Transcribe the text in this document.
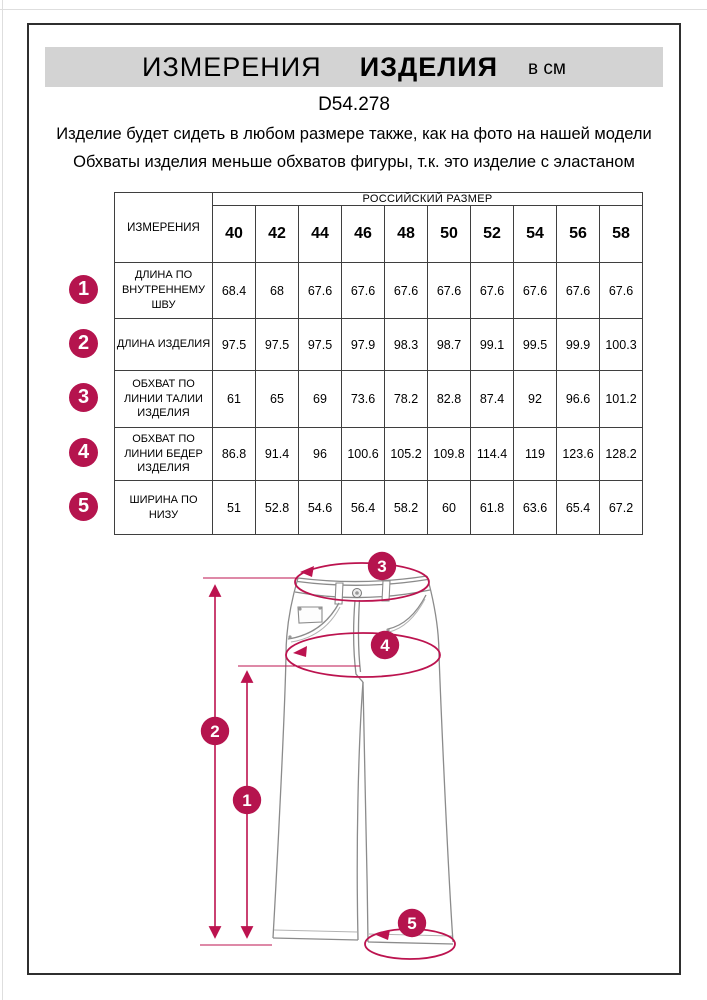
ИЗМЕРЕНИЯ ИЗДЕЛИЯ в см
D54.278
Изделие будет сидеть в любом размере также, как на фото на нашей модели
Обхваты изделия меньше обхватов фигуры, т.к. это изделие с эластаном
1
2
3
4
5
ИЗМЕРЕНИЯ	РОССИЙСКИЙ РАЗМЕР									
	40	42	44	46	48	50	52	54	56	58
ДЛИНА ПО ВНУТРЕННЕМУ ШВУ	68.4	68	67.6	67.6	67.6	67.6	67.6	67.6	67.6	67.6
ДЛИНА ИЗДЕЛИЯ	97.5	97.5	97.5	97.9	98.3	98.7	99.1	99.5	99.9	100.3
ОБХВАТ ПО ЛИНИИ ТАЛИИ ИЗДЕЛИЯ	61	65	69	73.6	78.2	82.8	87.4	92	96.6	101.2
ОБХВАТ ПО ЛИНИИ БЕДЕР ИЗДЕЛИЯ	86.8	91.4	96	100.6	105.2	109.8	114.4	119	123.6	128.2
ШИРИНА ПО НИЗУ	51	52.8	54.6	56.4	58.2	60	61.8	63.6	65.4	67.2
1
2
3
4
5
